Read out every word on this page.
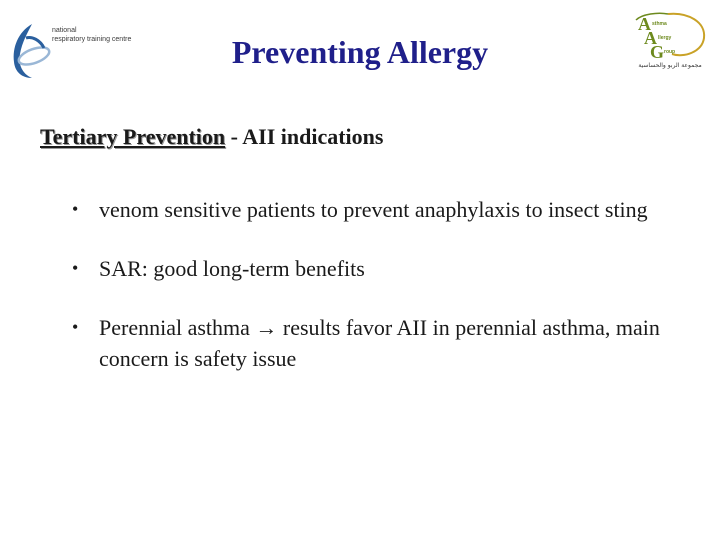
national
respiratory training centre	Preventing Allergy
A
A
G
sthma
llergy
roup
مجموعة الربو والحساسية
Tertiary Prevention - AII indications
• venom sensitive patients to prevent anaphylaxis to insect sting
• SAR: good long-term benefits
• Perennial asthma → results favor AII in perennial asthma, main concern is safety issue
